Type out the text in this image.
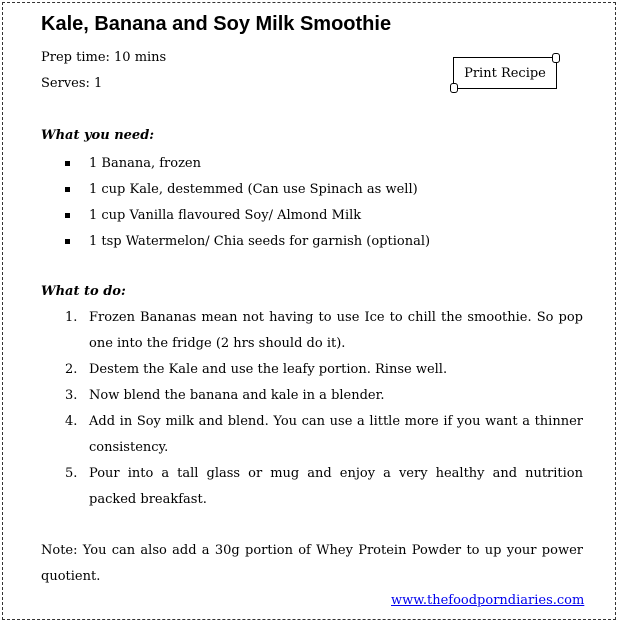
Kale, Banana and Soy Milk Smoothie
Prep time: 10 mins
Serves: 1
Print Recipe
What you need:
1 Banana, frozen
1 cup Kale, destemmed (Can use Spinach as well)
1 cup Vanilla flavoured Soy/ Almond Milk
1 tsp Watermelon/ Chia seeds for garnish (optional)
What to do:
1. Frozen Bananas mean not having to use Ice to chill the smoothie. So pop one into the fridge (2 hrs should do it).
2. Destem the Kale and use the leafy portion. Rinse well.
3. Now blend the banana and kale in a blender.
4. Add in Soy milk and blend. You can use a little more if you want a thinner consistency.
5. Pour into a tall glass or mug and enjoy a very healthy and nutrition packed breakfast.

Note: You can also add a 30g portion of Whey Protein Powder to up your power quotient.

www.thefoodporndiaries.com
